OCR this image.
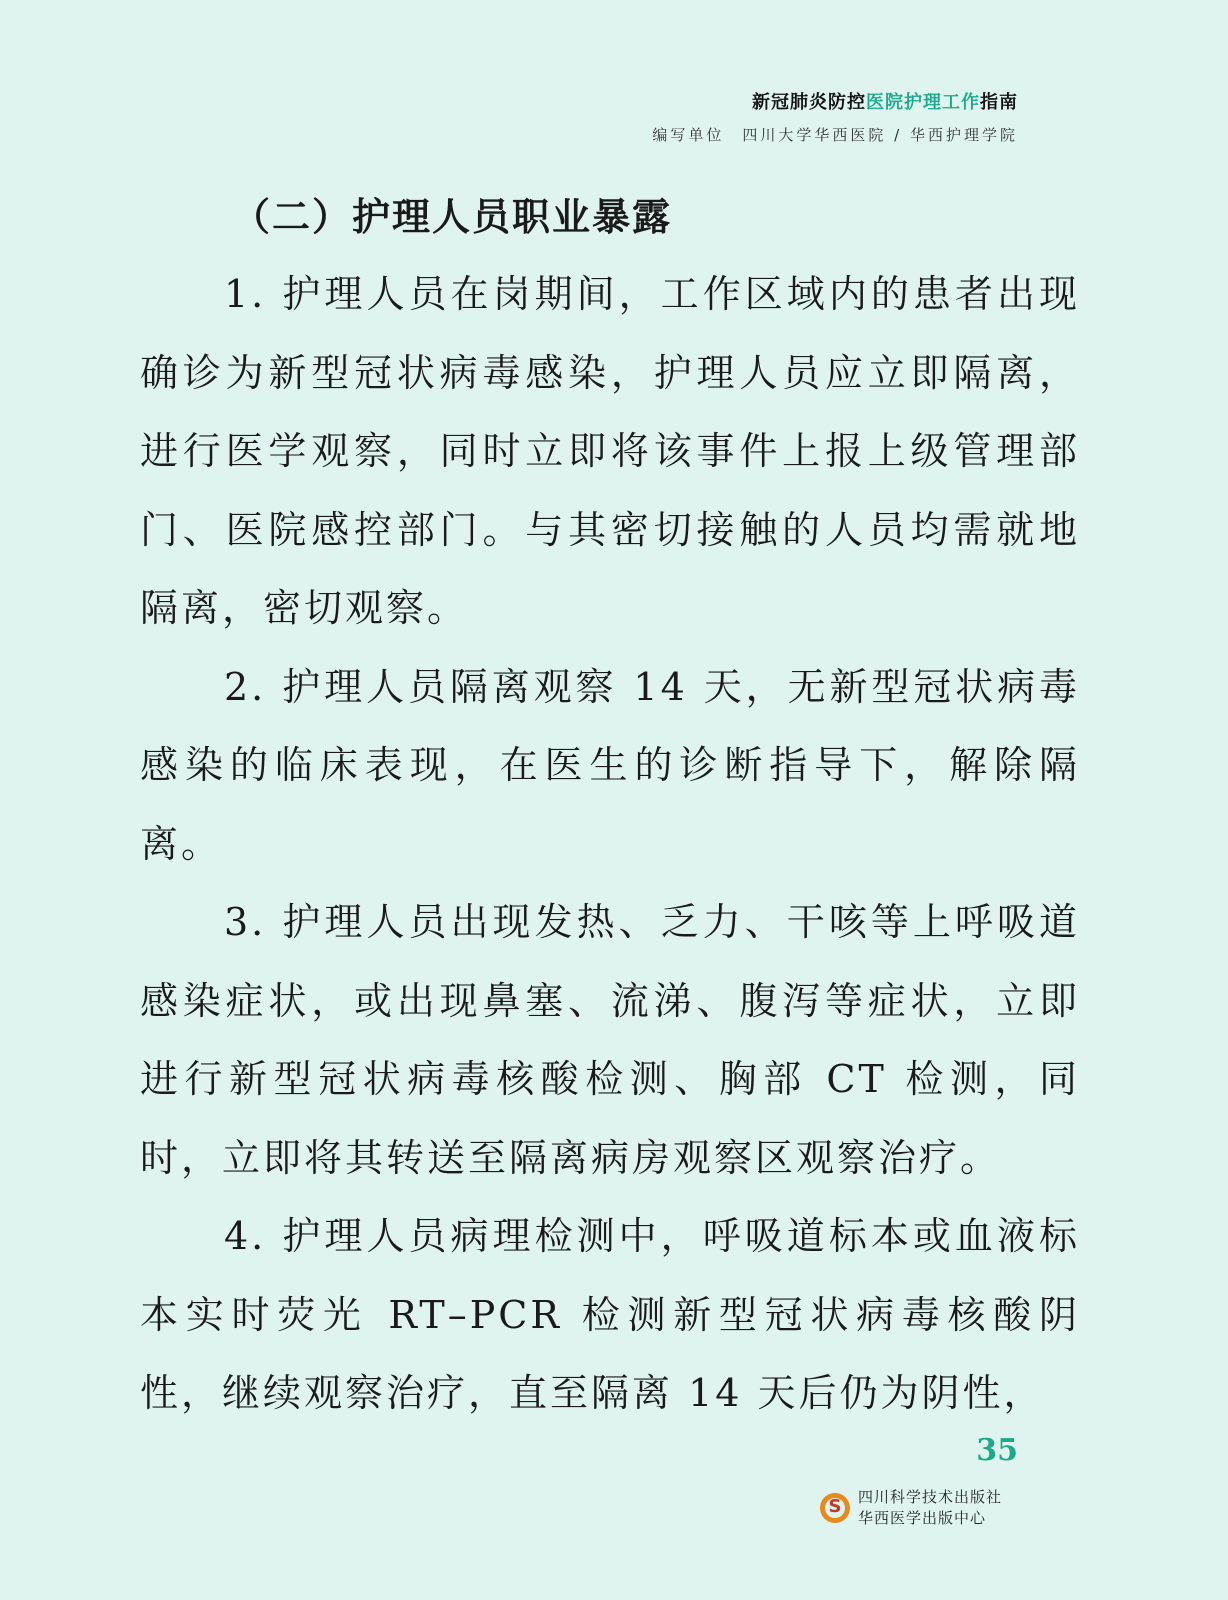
新冠肺炎防控医院护理工作指南
编写单位 四川大学华西医院 / 华西护理学院
（二）护理人员职业暴露

1. 护理人员在岗期间，工作区域内的患者出现确诊为新型冠状病毒感染，护理人员应立即隔离，进行医学观察，同时立即将该事件上报上级管理部门、医院感控部门。与其密切接触的人员均需就地隔离，密切观察。

2. 护理人员隔离观察 14 天，无新型冠状病毒感染的临床表现，在医生的诊断指导下，解除隔离。

3. 护理人员出现发热、乏力、干咳等上呼吸道感染症状，或出现鼻塞、流涕、腹泻等症状，立即进行新型冠状病毒核酸检测、胸部 CT 检测，同时，立即将其转送至隔离病房观察区观察治疗。

4. 护理人员病理检测中，呼吸道标本或血液标本实时荧光 RT–PCR 检测新型冠状病毒核酸阴性，继续观察治疗，直至隔离 14 天后仍为阴性，

35
S
四川科学技术出版社
华西医学出版中心
